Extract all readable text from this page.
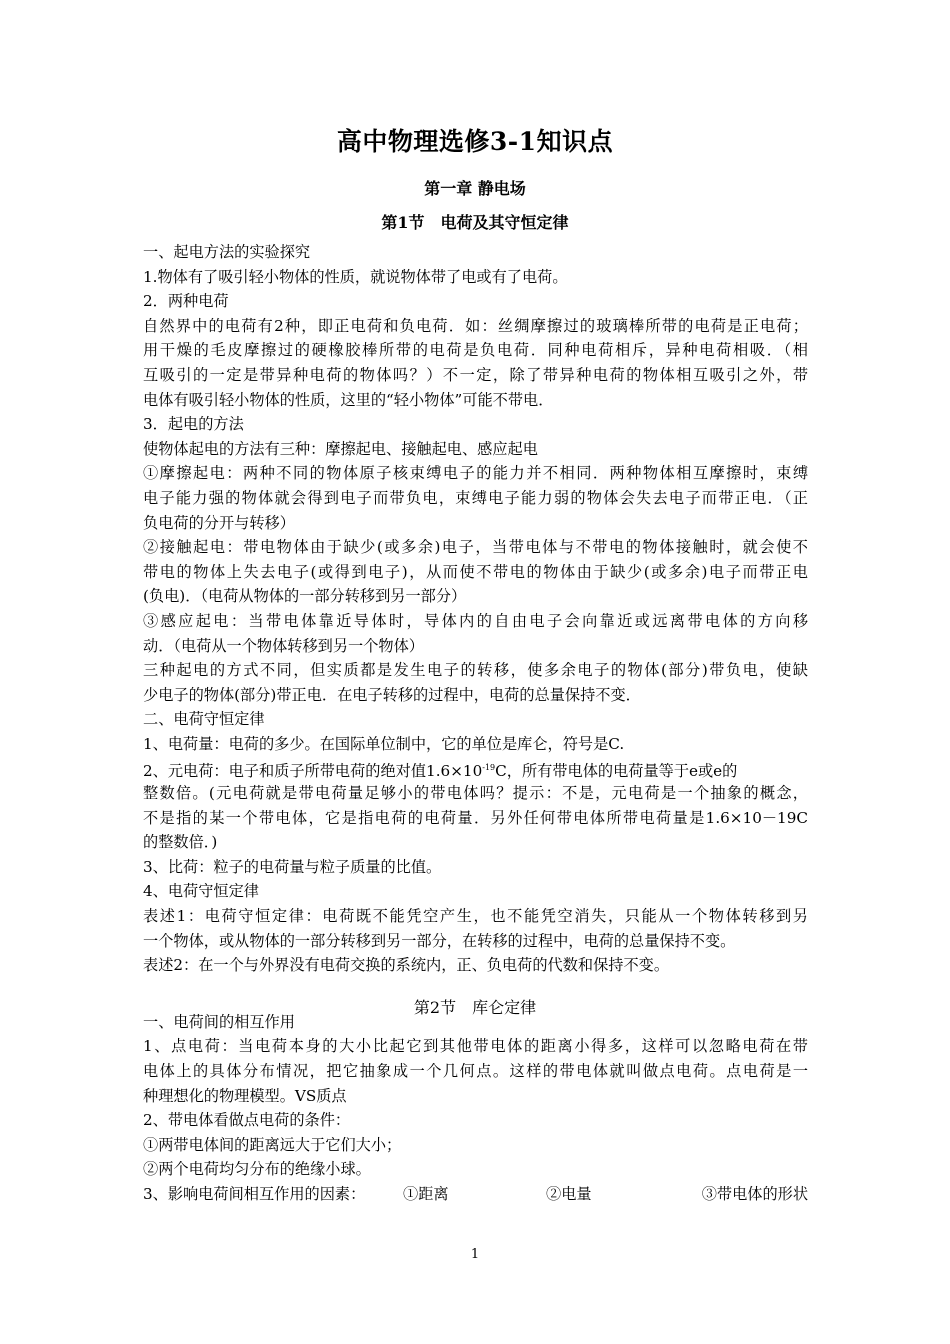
高中物理选修3-1知识点
第一章 静电场
第1节　电荷及其守恒定律
一、起电方法的实验探究
1.物体有了吸引轻小物体的性质，就说物体带了电或有了电荷。
2．两种电荷
自然界中的电荷有2种，即正电荷和负电荷．如：丝绸摩擦过的玻璃棒所带的电荷是正电荷；
用干燥的毛皮摩擦过的硬橡胶棒所带的电荷是负电荷．同种电荷相斥，异种电荷相吸．（相
互吸引的一定是带异种电荷的物体吗？）不一定，除了带异种电荷的物体相互吸引之外，带
电体有吸引轻小物体的性质，这里的“轻小物体”可能不带电．
3．起电的方法
使物体起电的方法有三种：摩擦起电、接触起电、感应起电
①摩擦起电：两种不同的物体原子核束缚电子的能力并不相同．两种物体相互摩擦时，束缚
电子能力强的物体就会得到电子而带负电，束缚电子能力弱的物体会失去电子而带正电．（正
负电荷的分开与转移）
②接触起电：带电物体由于缺少(或多余)电子，当带电体与不带电的物体接触时，就会使不
带电的物体上失去电子(或得到电子)，从而使不带电的物体由于缺少(或多余)电子而带正电
(负电)．（电荷从物体的一部分转移到另一部分）
③感应起电：当带电体靠近导体时，导体内的自由电子会向靠近或远离带电体的方向移
动．（电荷从一个物体转移到另一个物体）
三种起电的方式不同，但实质都是发生电子的转移，使多余电子的物体(部分)带负电，使缺
少电子的物体(部分)带正电．在电子转移的过程中，电荷的总量保持不变．
二、电荷守恒定律
1、电荷量：电荷的多少。在国际单位制中，它的单位是库仑，符号是C.
2、元电荷：电子和质子所带电荷的绝对值$1.6\times 10^{-19}C$，所有带电体的电荷量等于e或e的
整数倍。(元电荷就是带电荷量足够小的带电体吗？提示：不是，元电荷是一个抽象的概念，
不是指的某一个带电体，它是指电荷的电荷量．另外任何带电体所带电荷量是1.6×10－19C
的整数倍．)
3、比荷：粒子的电荷量与粒子质量的比值。
4、电荷守恒定律
表述1：电荷守恒定律：电荷既不能凭空产生，也不能凭空消失，只能从一个物体转移到另
一个物体，或从物体的一部分转移到另一部分，在转移的过程中，电荷的总量保持不变。
表述2：在一个与外界没有电荷交换的系统内，正、负电荷的代数和保持不变。
一、电荷间的相互作用
1、点电荷：当电荷本身的大小比起它到其他带电体的距离小得多，这样可以忽略电荷在带
电体上的具体分布情况，把它抽象成一个几何点。这样的带电体就叫做点电荷。点电荷是一
种理想化的物理模型。VS质点
2、带电体看做点电荷的条件：
①两带电体间的距离远大于它们大小；
②两个电荷均匀分布的绝缘小球。
3、影响电荷间相互作用的因素：	①距离	②电量	③带电体的形状
第2节　库仑定律
1
